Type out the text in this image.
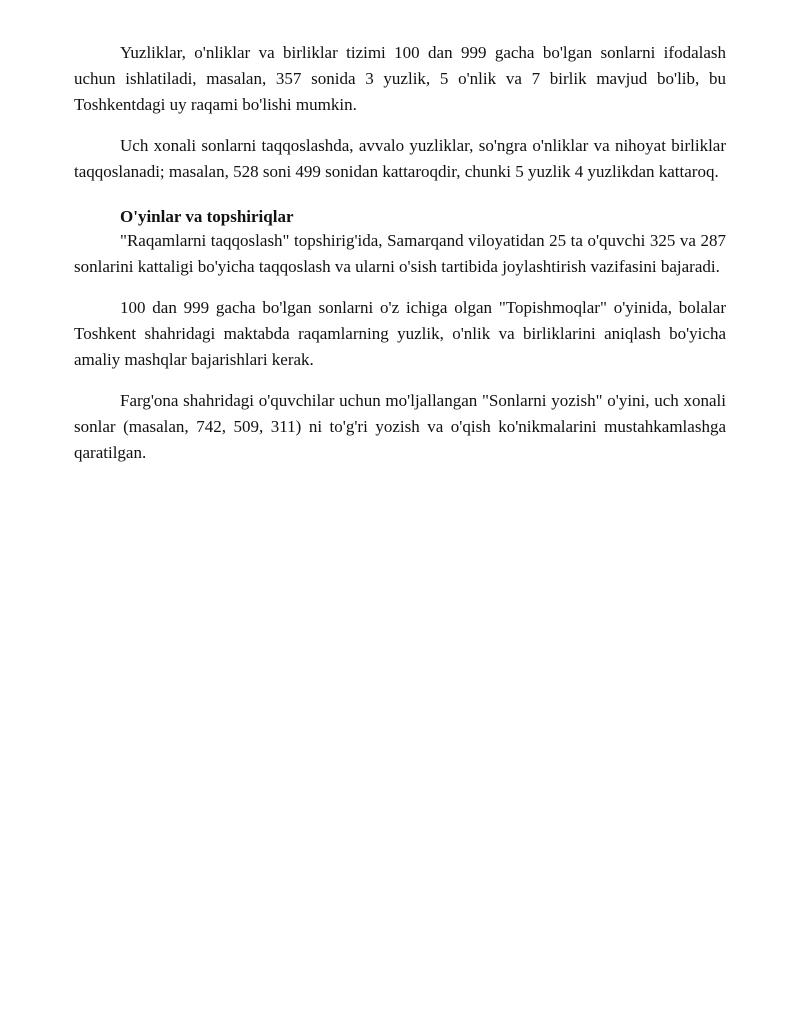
Yuzliklar, o'nliklar va birliklar tizimi 100 dan 999 gacha bo'lgan sonlarni ifodalash uchun ishlatiladi, masalan, 357 sonida 3 yuzlik, 5 o'nlik va 7 birlik mavjud bo'lib, bu Toshkentdagi uy raqami bo'lishi mumkin.

Uch xonali sonlarni taqqoslashda, avvalo yuzliklar, so'ngra o'nliklar va nihoyat birliklar taqqoslanadi; masalan, 528 soni 499 sonidan kattaroqdir, chunki 5 yuzlik 4 yuzlikdan kattaroq.

O'yinlar va topshiriqlar

"Raqamlarni taqqoslash" topshirig'ida, Samarqand viloyatidan 25 ta o'quvchi 325 va 287 sonlarini kattaligi bo'yicha taqqoslash va ularni o'sish tartibida joylashtirish vazifasini bajaradi.

100 dan 999 gacha bo'lgan sonlarni o'z ichiga olgan "Topishmoqlar" o'yinida, bolalar Toshkent shahridagi maktabda raqamlarning yuzlik, o'nlik va birliklarini aniqlash bo'yicha amaliy mashqlar bajarishlari kerak.

Farg'ona shahridagi o'quvchilar uchun mo'ljallangan "Sonlarni yozish" o'yini, uch xonali sonlar (masalan, 742, 509, 311) ni to'g'ri yozish va o'qish ko'nikmalarini mustahkamlashga qaratilgan.
